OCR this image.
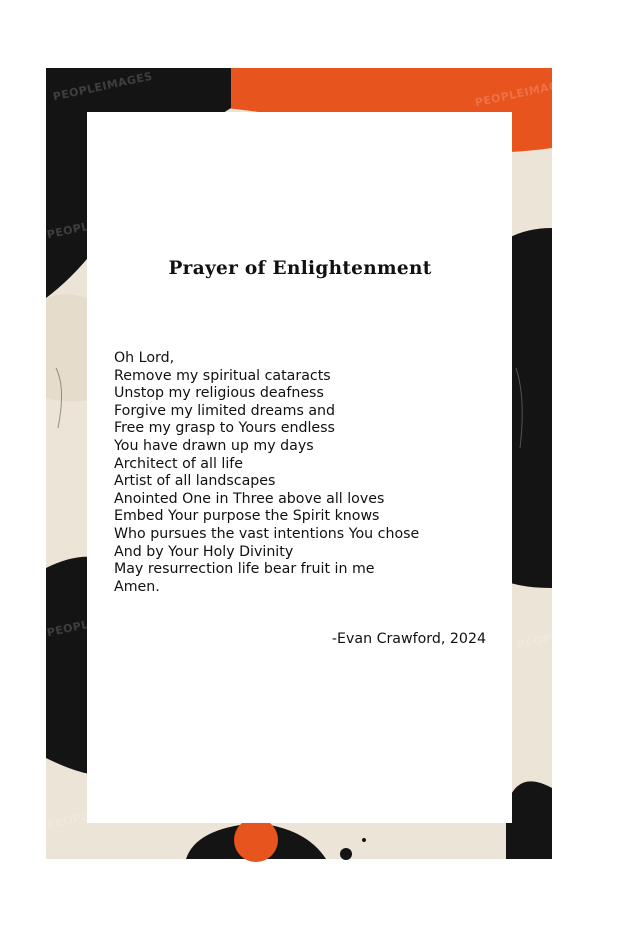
PEOPLEIMAGES	PEOPLEIMAGES
PEOPLEIMAGES
Prayer of Enlightenment
Oh Lord,
Remove my spiritual cataracts
Unstop my religious deafness
Forgive my limited dreams and
Free my grasp to Yours endless
You have drawn up my days
Architect of all life
Artist of all landscapes
Anointed One in Three above all loves
Embed Your purpose the Spirit knows
Who pursues the vast intentions You chose
And by Your Holy Divinity
May resurrection life bear fruit in me
Amen.
-Evan Crawford, 2024
